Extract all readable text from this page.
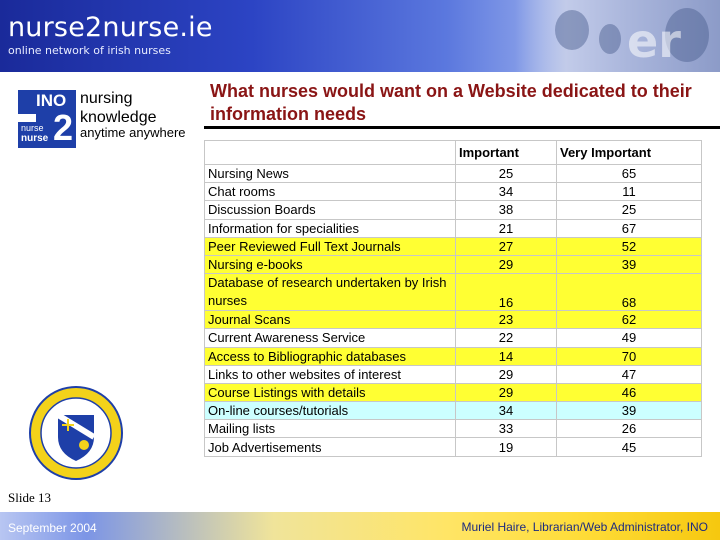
nurse2nurse.ie
online network of irish nurses	er
INO
nurse
nurse 2
nursing
knowledge
anytime anywhere
What nurses would want on a Website dedicated to their information needs
	Important	Very Important
Nursing News	25	65
Chat rooms	34	11
Discussion Boards	38	25
Information for specialities	21	67
Peer Reviewed Full Text Journals	27	52
Nursing e-books	29	39
Database of research undertaken by Irish nurses	16	68
Journal Scans	23	62
Current Awareness Service	22	49
Access to Bibliographic databases	14	70
Links to other websites of interest	29	47
Course Listings with details	29	46
On-line courses/tutorials	34	39
Mailing lists	33	26
Job Advertisements	19	45
Slide 13
September 2004	Muriel Haire, Librarian/Web Administrator, INO
